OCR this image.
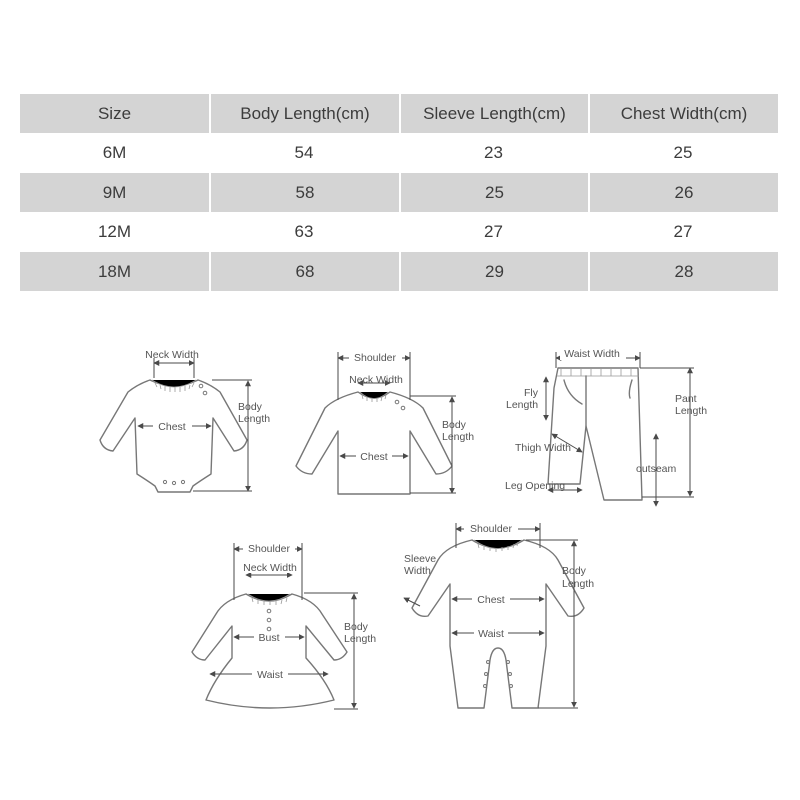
Size	Body Length(cm)	Sleeve Length(cm)	Chest Width(cm)
6M	54	23	25
9M	58	25	26
12M	63	27	27
18M	68	29	28
Neck Width
Chest
Body
Length
Shoulder
Neck Width
Chest
Body
Length
Waist Width
Fly
Length	Pant
Length
Thigh Width
outseam
Leg Opening
Shoulder
Neck Width
Bust
Waist
Body
Length
Shoulder
Sleeve
Width
Chest
Waist
Body
Length
